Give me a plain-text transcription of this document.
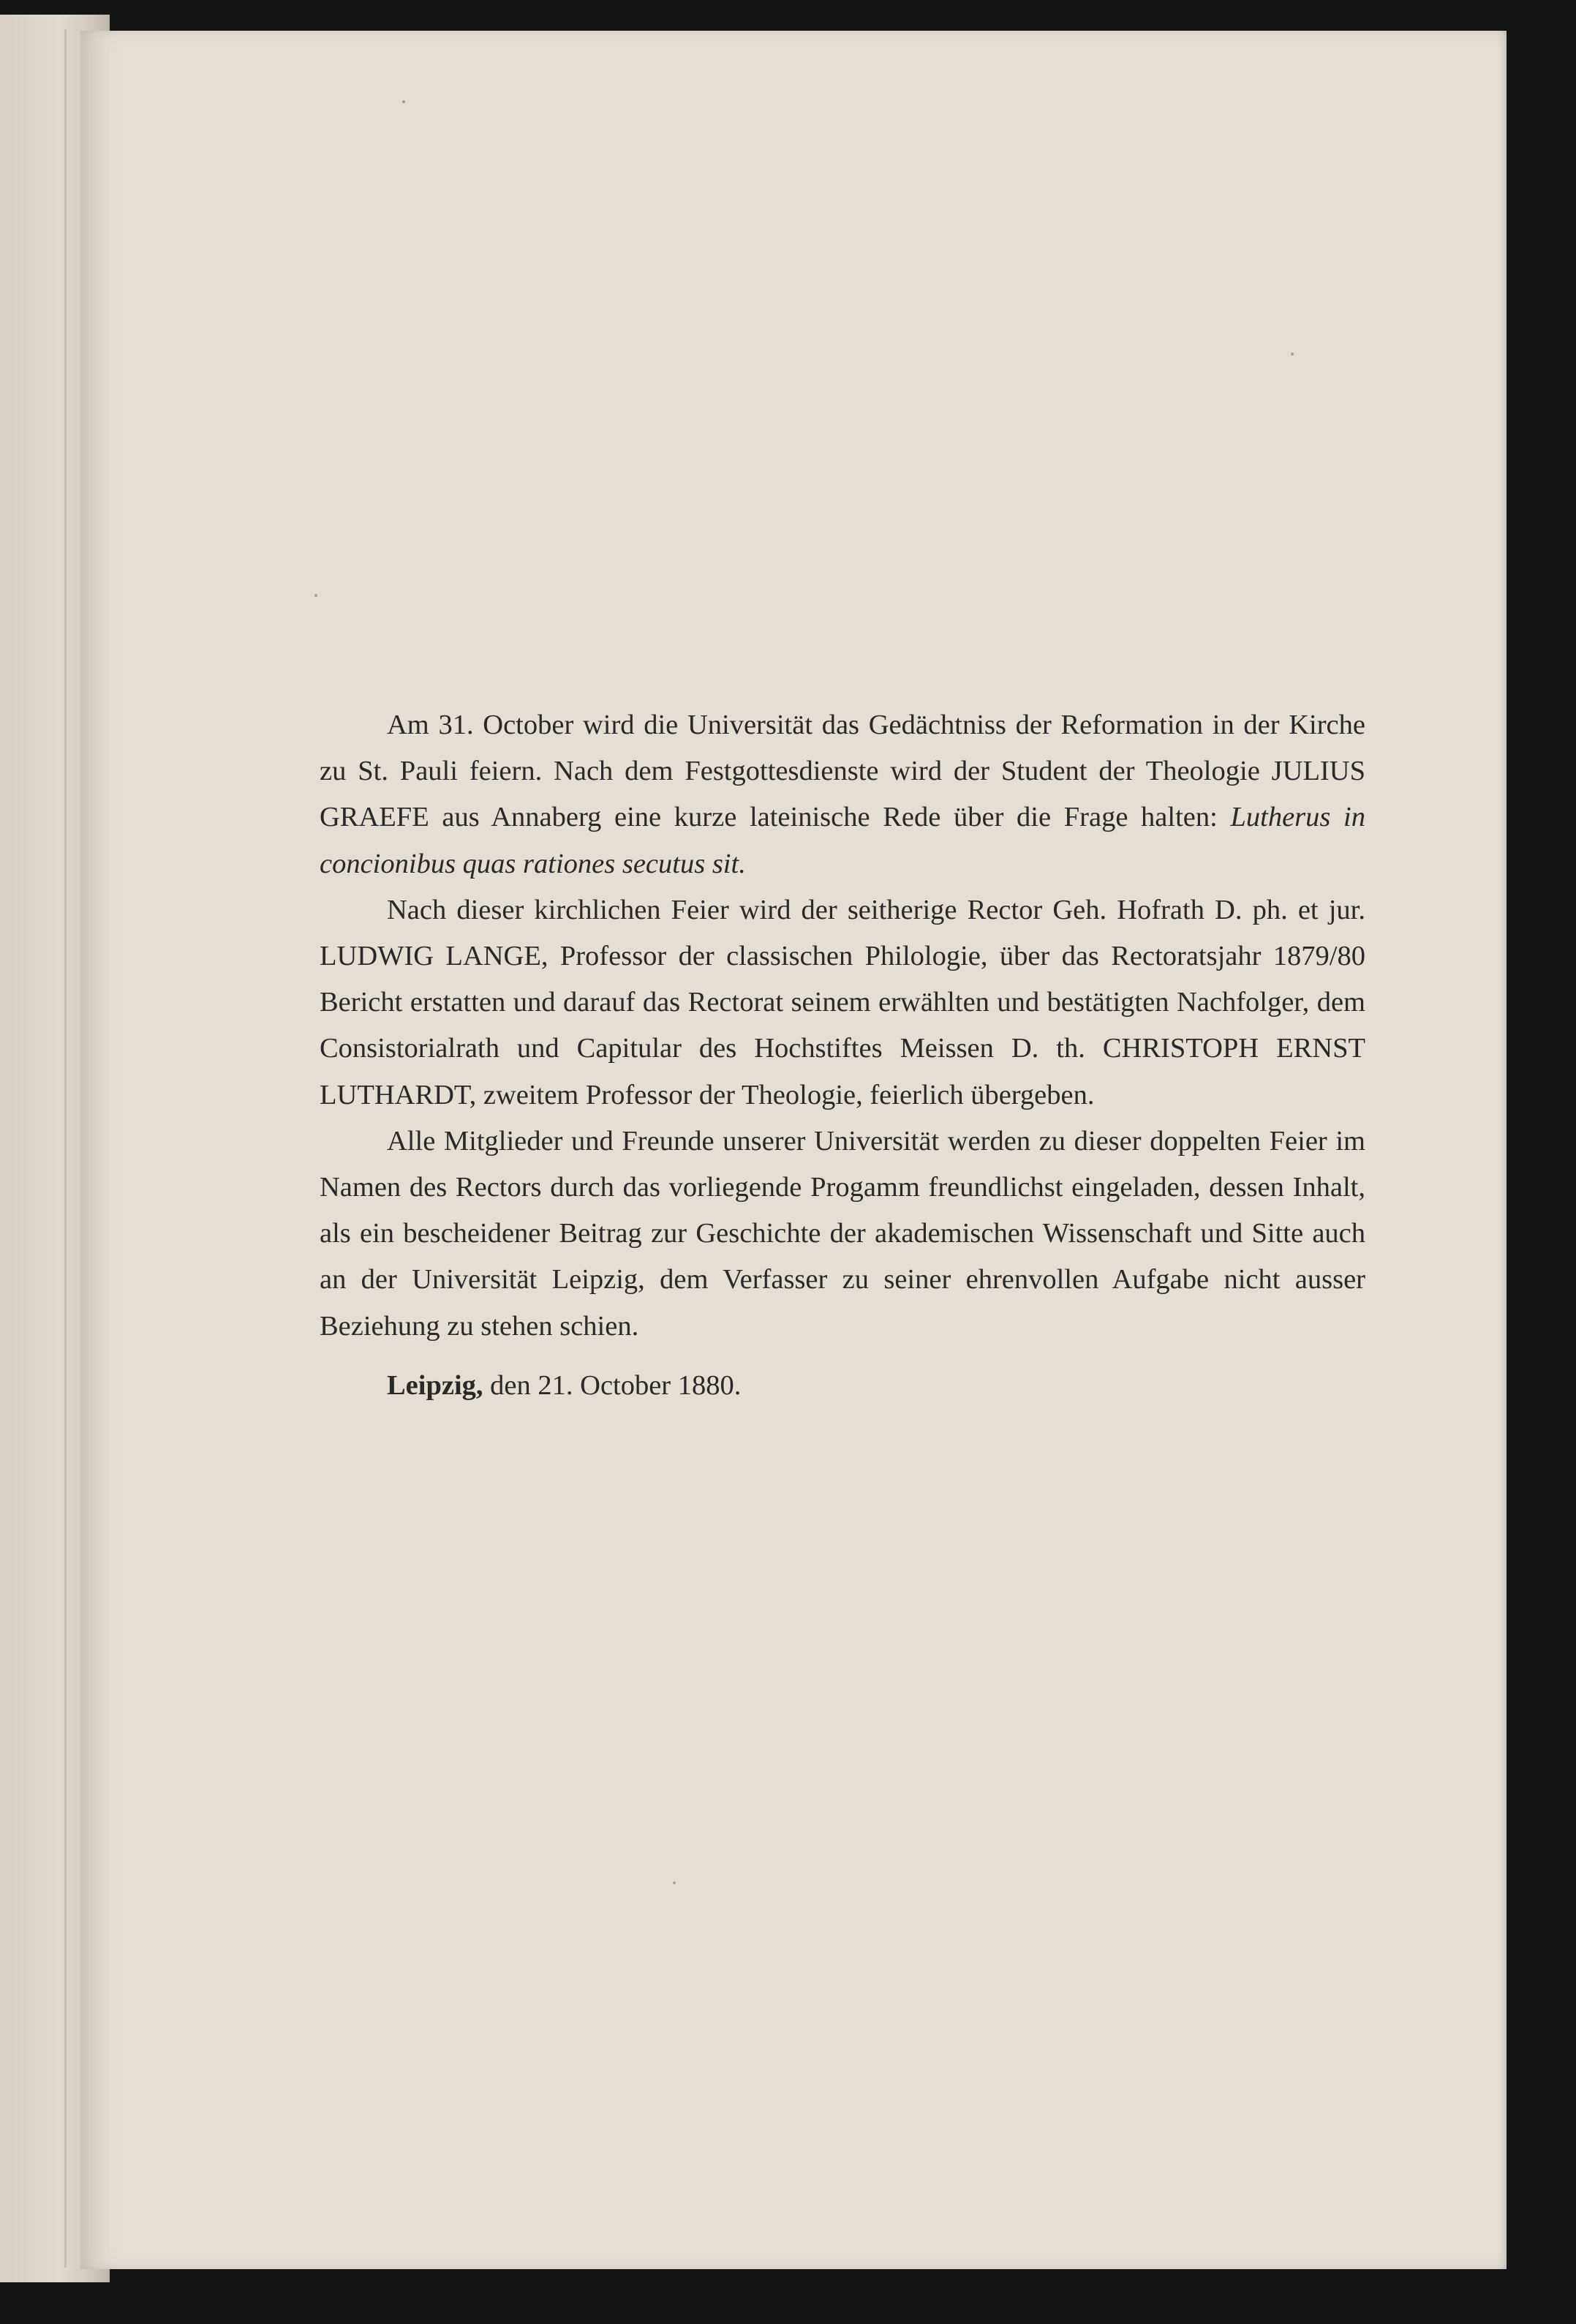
Am 31. October wird die Universität das Gedächtniss der Reformation in der Kirche zu St. Pauli feiern. Nach dem Festgottesdienste wird der Student der Theologie JULIUS GRAEFE aus Annaberg eine kurze lateinische Rede über die Frage halten: Lutherus in concionibus quas rationes secutus sit.

Nach dieser kirchlichen Feier wird der seitherige Rector Geh. Hofrath D. ph. et jur. LUDWIG LANGE, Professor der classischen Philologie, über das Rectoratsjahr 1879/80 Bericht erstatten und darauf das Rectorat seinem erwählten und bestätigten Nachfolger, dem Consistorialrath und Capitular des Hochstiftes Meissen D. th. CHRISTOPH ERNST LUTHARDT, zweitem Professor der Theologie, feierlich übergeben.

Alle Mitglieder und Freunde unserer Universität werden zu dieser doppelten Feier im Namen des Rectors durch das vorliegende Progamm freundlichst eingeladen, dessen Inhalt, als ein bescheidener Beitrag zur Geschichte der akademischen Wissenschaft und Sitte auch an der Universität Leipzig, dem Verfasser zu seiner ehrenvollen Aufgabe nicht ausser Beziehung zu stehen schien.

Leipzig, den 21. October 1880.
